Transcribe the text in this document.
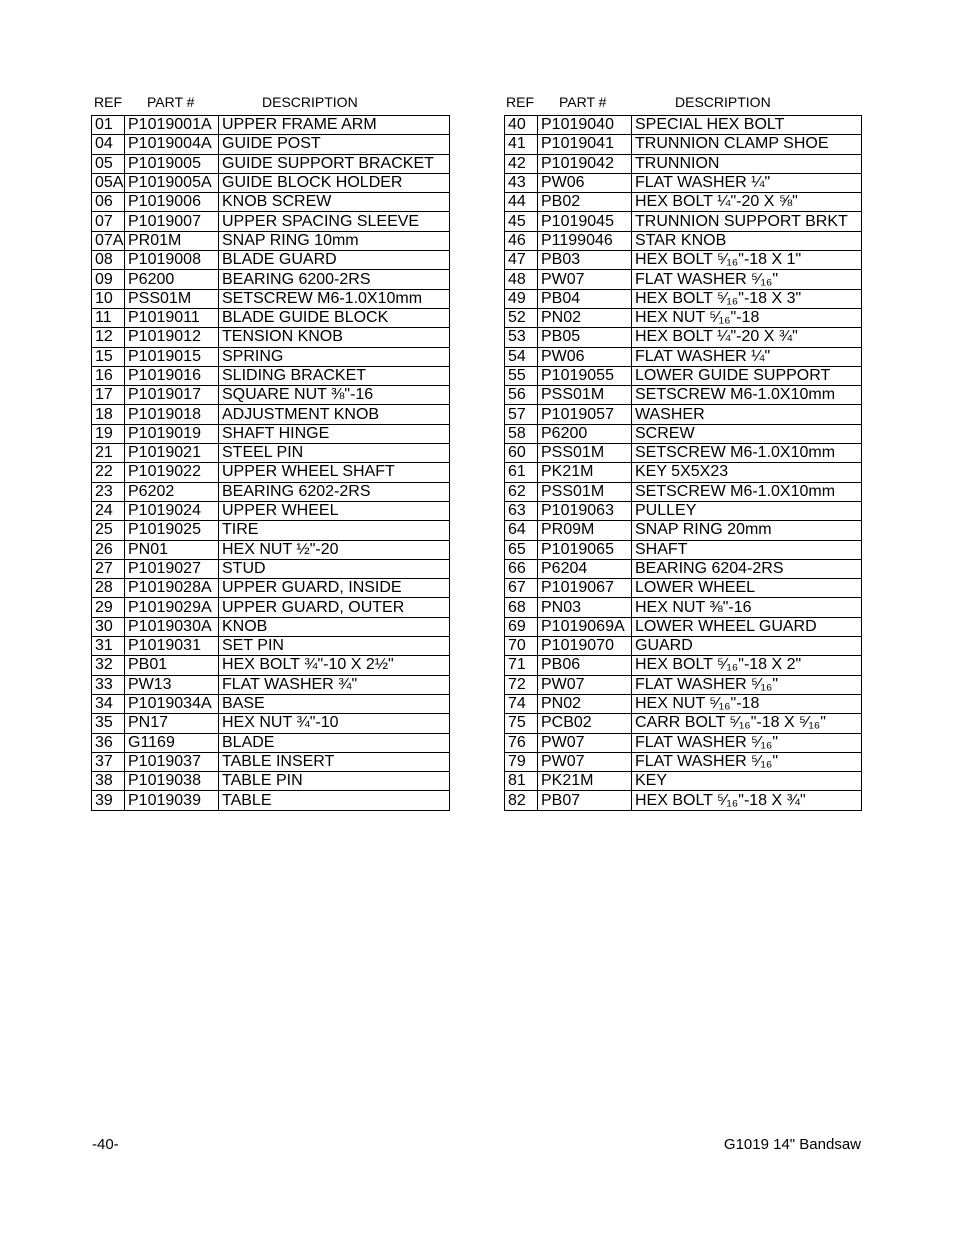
REF PART #	DESCRIPTION	REF PART #	DESCRIPTION
01	P1019001A	UPPER FRAME ARM
04	P1019004A	GUIDE POST
05	P1019005	GUIDE SUPPORT BRACKET
05A	P1019005A	GUIDE BLOCK HOLDER
06	P1019006	KNOB SCREW
07	P1019007	UPPER SPACING SLEEVE
07A	PR01M	SNAP RING 10mm
08	P1019008	BLADE GUARD
09	P6200	BEARING 6200-2RS
10	PSS01M	SETSCREW M6-1.0X10mm
11	P1019011	BLADE GUIDE BLOCK
12	P1019012	TENSION KNOB
15	P1019015	SPRING
16	P1019016	SLIDING BRACKET
17	P1019017	SQUARE NUT ⅜"-16
18	P1019018	ADJUSTMENT KNOB
19	P1019019	SHAFT HINGE
21	P1019021	STEEL PIN
22	P1019022	UPPER WHEEL SHAFT
23	P6202	BEARING 6202-2RS
24	P1019024	UPPER WHEEL
25	P1019025	TIRE
26	PN01	HEX NUT ½"-20
27	P1019027	STUD
28	P1019028A	UPPER GUARD, INSIDE
29	P1019029A	UPPER GUARD, OUTER
30	P1019030A	KNOB
31	P1019031	SET PIN
32	PB01	HEX BOLT ¾"-10 X 2½"
33	PW13	FLAT WASHER ¾"
34	P1019034A	BASE
35	PN17	HEX NUT ¾"-10
36	G1169	BLADE
37	P1019037	TABLE INSERT
38	P1019038	TABLE PIN
39	P1019039	TABLE
40	P1019040	SPECIAL HEX BOLT
41	P1019041	TRUNNION CLAMP SHOE
42	P1019042	TRUNNION
43	PW06	FLAT WASHER ¼"
44	PB02	HEX BOLT ¼"-20 X ⅝"
45	P1019045	TRUNNION SUPPORT BRKT
46	P1199046	STAR KNOB
47	PB03	HEX BOLT ⁵⁄₁₆"-18 X 1"
48	PW07	FLAT WASHER ⁵⁄₁₆"
49	PB04	HEX BOLT ⁵⁄₁₆"-18 X 3"
52	PN02	HEX NUT ⁵⁄₁₆"-18
53	PB05	HEX BOLT ¼"-20 X ¾"
54	PW06	FLAT WASHER ¼"
55	P1019055	LOWER GUIDE SUPPORT
56	PSS01M	SETSCREW M6-1.0X10mm
57	P1019057	WASHER
58	P6200	SCREW
60	PSS01M	SETSCREW M6-1.0X10mm
61	PK21M	KEY 5X5X23
62	PSS01M	SETSCREW M6-1.0X10mm
63	P1019063	PULLEY
64	PR09M	SNAP RING 20mm
65	P1019065	SHAFT
66	P6204	BEARING 6204-2RS
67	P1019067	LOWER WHEEL
68	PN03	HEX NUT ⅜"-16
69	P1019069A	LOWER WHEEL GUARD
70	P1019070	GUARD
71	PB06	HEX BOLT ⁵⁄₁₆"-18 X 2"
72	PW07	FLAT WASHER ⁵⁄₁₆"
74	PN02	HEX NUT ⁵⁄₁₆"-18
75	PCB02	CARR BOLT ⁵⁄₁₆"-18 X ⁵⁄₁₆"
76	PW07	FLAT WASHER ⁵⁄₁₆"
79	PW07	FLAT WASHER ⁵⁄₁₆"
81	PK21M	KEY
82	PB07	HEX BOLT ⁵⁄₁₆"-18 X ¾"
-40-	G1019 14" Bandsaw
